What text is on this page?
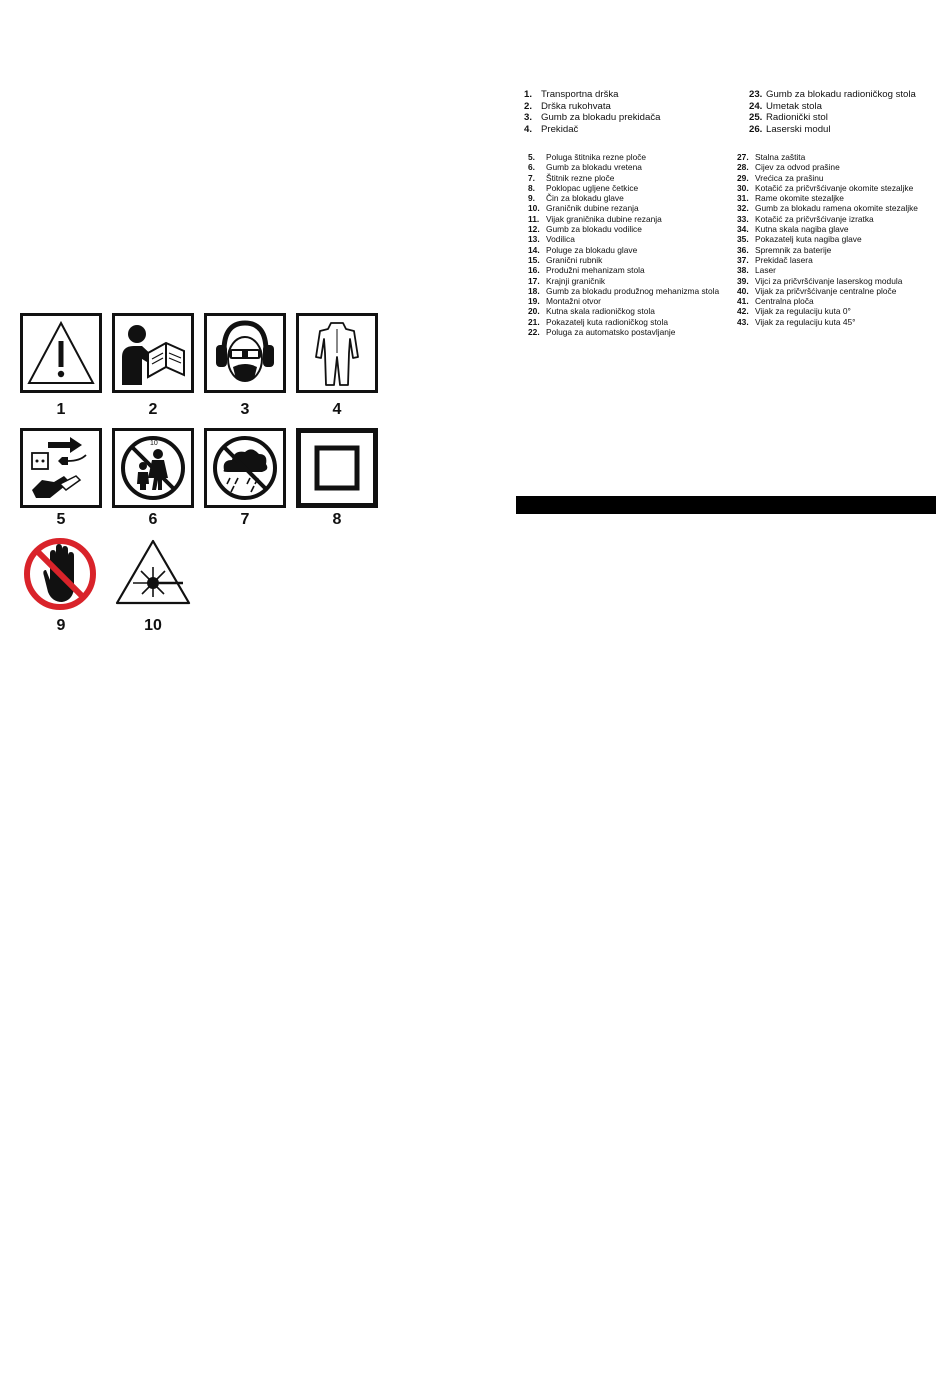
1. Transportna drška
2. Drška rukohvata
3. Gumb za blokadu prekidača
4. Prekidač
23. Gumb za blokadu radioničkog stola
24. Umetak stola
25. Radionički stol
26. Laserski modul
5.	Poluga štitnika rezne ploče
6.	Gumb za blokadu vretena
7.	Štitnik rezne ploče
8.	Poklopac ugljene četkice
9.	Čin za blokadu glave
10. Graničnik dubine rezanja
11. Vijak graničnika dubine rezanja
12. Gumb za blokadu vodilice
13. Vodilica
14. Poluge za blokadu glave
15. Granični rubnik
16. Produžni mehanizam stola
17. Krajnji graničnik
18. Gumb za blokadu produžnog mehanizma stola
19. Montažni otvor
20. Kutna skala radioničkog stola
21. Pokazatelj kuta radioničkog stola
22. Poluga za automatsko postavljanje
27. Stalna zaštita
28. Cijev za odvod prašine
29. Vrećica za prašinu
30. Kotačić za pričvršćivanje okomite stezaljke
31. Rame okomite stezaljke
32. Gumb za blokadu ramena okomite stezaljke
33. Kotačić za pričvršćivanje izratka
34. Kutna skala nagiba glave
35. Pokazatelj kuta nagiba glave
36. Spremnik za baterije
37. Prekidač lasera
38. Laser
39. Vijci za pričvršćivanje laserskog modula
40. Vijak za pričvršćivanje centralne ploče
41. Centralna ploča
42. Vijak za regulaciju kuta 0°
43. Vijak za regulaciju kuta 45°
1	2	3	4
5
10
6	7	8
9	10
